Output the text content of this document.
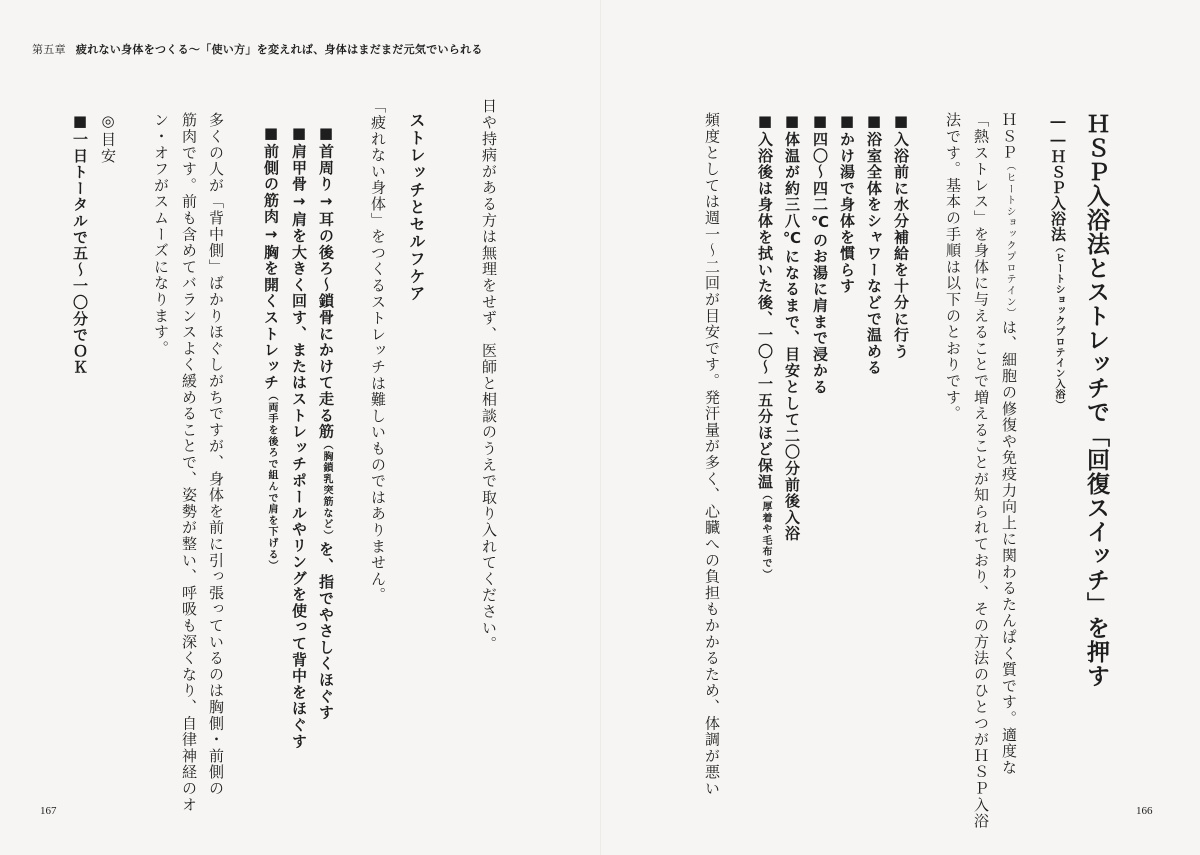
第五章 疲れない身体をつくる〜「使い方」を変えれば、身体はまだまだ元気でいられる
ＨＳＰ入浴法とストレッチで「回復スイッチ」を押す
――ＨＳＰ入浴法（ヒートショックプロテイン入浴）
ＨＳＰ（ヒートショックプロテイン）は、細胞の修復や免疫力向上に関わるたんぱく質です。適度な
「熱ストレス」を身体に与えることで増えることが知られており、その方法のひとつがＨＳＰ入浴
法です。基本の手順は以下のとおりです。
■入浴前に水分補給を十分に行う
■浴室全体をシャワーなどで温める
■かけ湯で身体を慣らす
■四〇〜四二℃のお湯に肩まで浸かる
■体温が約三八℃になるまで、目安として二〇分前後入浴
■入浴後は身体を拭いた後、一〇〜一五分ほど保温（厚着や毛布で）
頻度としては週一〜二回が目安です。発汗量が多く、心臓への負担もかかるため、体調が悪い
日や持病がある方は無理をせず、医師と相談のうえで取り入れてください。
ストレッチとセルフケア
「疲れない身体」をつくるストレッチは難しいものではありません。
■首周り→耳の後ろ〜鎖骨にかけて走る筋（胸鎖乳突筋など）を、指でやさしくほぐす
■肩甲骨→肩を大きく回す、またはストレッチポールやリングを使って背中をほぐす
■前側の筋肉→胸を開くストレッチ（両手を後ろで組んで肩を下げる）
多くの人が「背中側」ばかりほぐしがちですが、身体を前に引っ張っているのは胸側・前側の
筋肉です。前も含めてバランスよく緩めることで、姿勢が整い、呼吸も深くなり、自律神経のオ
ン・オフがスムーズになります。
◎目安
■一日トータルで五〜一〇分でＯＫ
167	166
